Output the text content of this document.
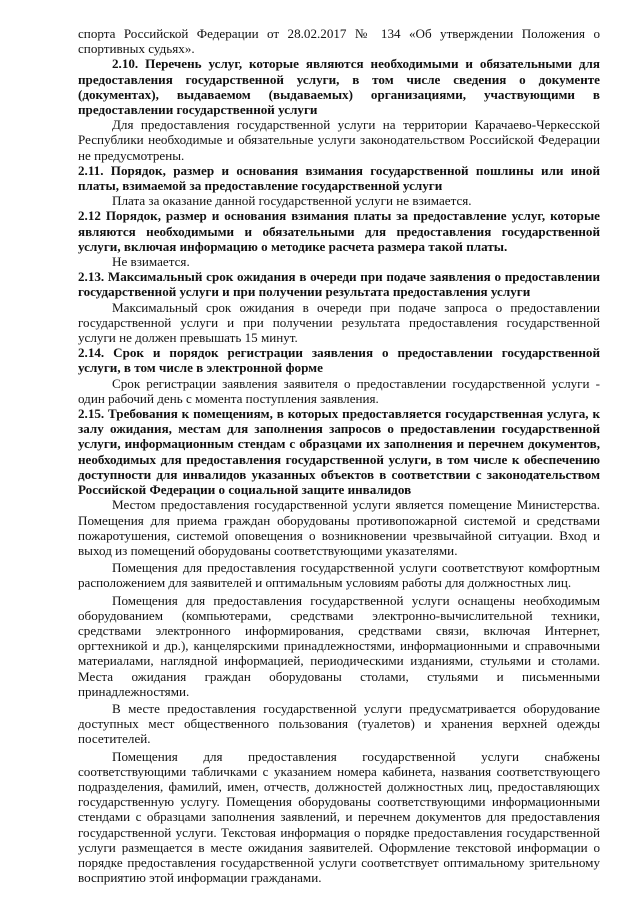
спорта Российской Федерации от 28.02.2017 № 134 «Об утверждении Положения о спортивных судьях».

2.10. Перечень услуг, которые являются необходимыми и обязательными для предоставления государственной услуги, в том числе сведения о документе (документах), выдаваемом (выдаваемых) организациями, участвующими в предоставлении государственной услуги

Для предоставления государственной услуги на территории Карачаево-Черкесской Республики необходимые и обязательные услуги законодательством Российской Федерации не предусмотрены.

2.11. Порядок, размер и основания взимания государственной пошлины или иной платы, взимаемой за предоставление государственной услуги

Плата за оказание данной государственной услуги не взимается.

2.12 Порядок, размер и основания взимания платы за предоставление услуг, которые являются необходимыми и обязательными для предоставления государственной услуги, включая информацию о методике расчета размера такой платы.

Не взимается.

2.13. Максимальный срок ожидания в очереди при подаче заявления о предоставлении государственной услуги и при получении результата предоставления услуги

Максимальный срок ожидания в очереди при подаче запроса о предоставлении государственной услуги и при получении результата предоставления государственной услуги не должен превышать 15 минут.

2.14. Срок и порядок регистрации заявления о предоставлении государственной услуги, в том числе в электронной форме

Срок регистрации заявления заявителя о предоставлении государственной услуги - один рабочий день с момента поступления заявления.

2.15. Требования к помещениям, в которых предоставляется государственная услуга, к залу ожидания, местам для заполнения запросов о предоставлении государственной услуги, информационным стендам с образцами их заполнения и перечнем документов, необходимых для предоставления государственной услуги, в том числе к обеспечению доступности для инвалидов указанных объектов в соответствии с законодательством Российской Федерации о социальной защите инвалидов

Местом предоставления государственной услуги является помещение Министерства. Помещения для приема граждан оборудованы противопожарной системой и средствами пожаротушения, системой оповещения о возникновении чрезвычайной ситуации. Вход и выход из помещений оборудованы соответствующими указателями.

Помещения для предоставления государственной услуги соответствуют комфортным расположением для заявителей и оптимальным условиям работы для должностных лиц.

Помещения для предоставления государственной услуги оснащены необходимым оборудованием (компьютерами, средствами электронно-вычислительной техники, средствами электронного информирования, средствами связи, включая Интернет, оргтехникой и др.), канцелярскими принадлежностями, информационными и справочными материалами, наглядной информацией, периодическими изданиями, стульями и столами. Места ожидания граждан оборудованы столами, стульями и письменными принадлежностями.

В месте предоставления государственной услуги предусматривается оборудование доступных мест общественного пользования (туалетов) и хранения верхней одежды посетителей.

Помещения для предоставления государственной услуги снабжены соответствующими табличками с указанием номера кабинета, названия соответствующего подразделения, фамилий, имен, отчеств, должностей должностных лиц, предоставляющих государственную услугу. Помещения оборудованы соответствующими информационными стендами с образцами заполнения заявлений, и перечнем документов для предоставления государственной услуги. Текстовая информация о порядке предоставления государственной услуги размещается в месте ожидания заявителей. Оформление текстовой информации о порядке предоставления государственной услуги соответствует оптимальному зрительному восприятию этой информации гражданами.
